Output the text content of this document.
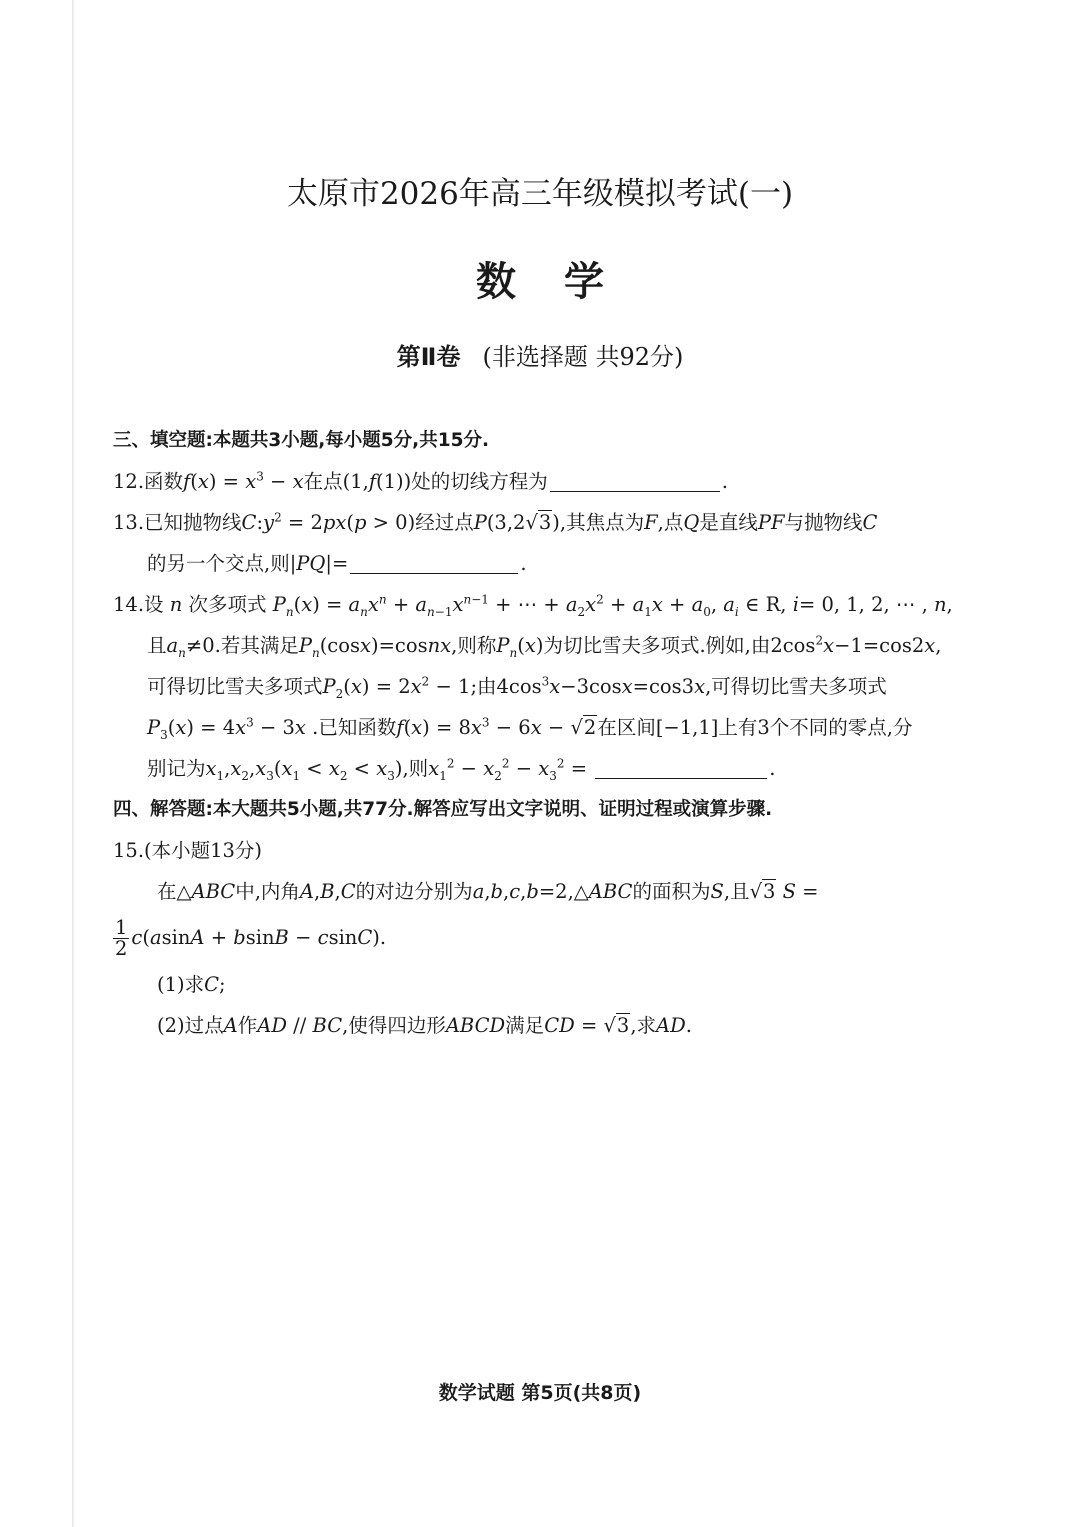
太原市2026年高三年级模拟考试(一)
数学
第Ⅱ卷 (非选择题 共92分)
三、填空题:本题共3小题,每小题5分,共15分.
12.函数$f(x) = x^3 - x$在点(1,f(1))处的切线方程为	.
13.已知抛物线$C:y^2 = 2px(p > 0)$经过点P(3,2√3),其焦点为F,点Q是直线PF与抛物线C
的另一个交点,则|PQ|=	.
14.设 n 次多项式 $P_n(x) = a_nx^n + a_{n-1}x^{n-1}$ + ⋯ + $a_2x^2 + a_1x + a_0$, $a_i$ ∈ R, i= 0, 1, 2, ⋯ , n,
且$a_n\ne 0$.若其满足$P_n(\cos x)=cosnx$,则称$P_n(x)$为切比雪夫多项式.例如,由$2\cos^2x-1=\cos 2x$,
可得切比雪夫多项式$P_2(x) = 2x^2 - 1$;由$4\cos^3x-3\cos x=\cos 3x$,可得切比雪夫多项式
$P_3(x) = 4x^3 - 3x$ .已知函数$f(x) = 8x^3 - 6x - √2$在区间[−1,1]上有3个不同的零点,分
别记为$x_1,x_2,x_3(x_1 < x_2 < x_3)$,则$x_1^2 - x_2^2 - x_3^2$ =	.
四、解答题:本大题共5小题,共77分.解答应写出文字说明、证明过程或演算步骤.
15.(本小题13分)
在△ABC中,内角A,B,C的对边分别为a,b,c,b=2,△ABC的面积为S,且√3 S =
$\frac{1}{2} c(asinA + bsinB - csinC)$.
(1)求C;
(2)过点A作AD // BC,使得四边形ABCD满足CD = √3,求AD.
数学试题 第5页(共8页)
